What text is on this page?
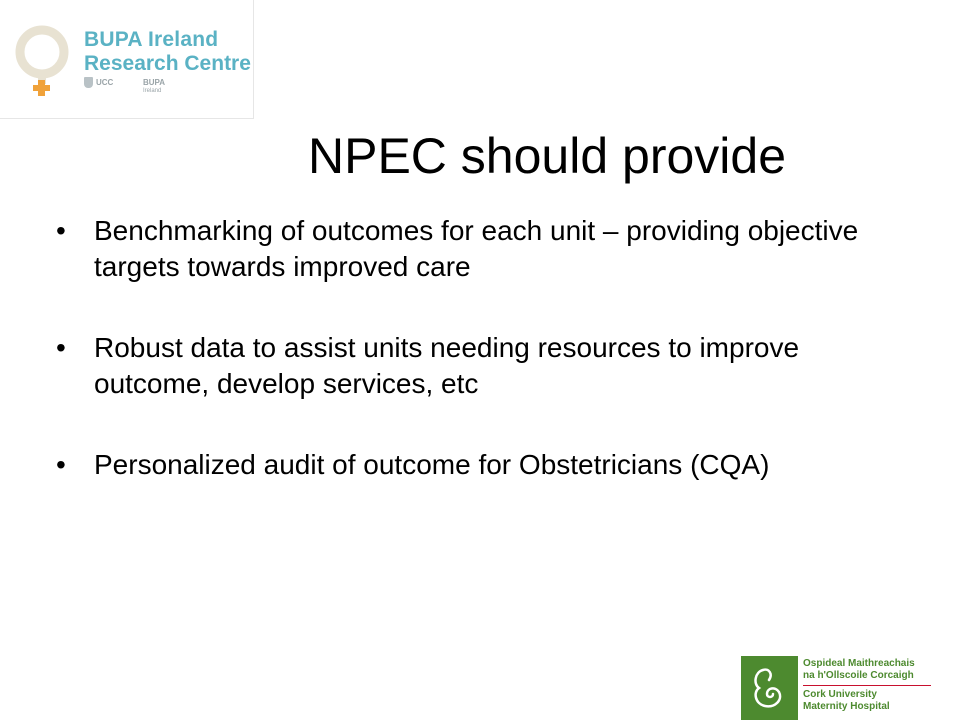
BUPA Ireland
Research Centre
UCC	BUPA
Ireland
NPEC should provide
•	Benchmarking of outcomes for each unit – providing objective targets towards improved care
•	Robust data to assist units needing resources to improve outcome, develop services, etc
•	Personalized audit of outcome for Obstetricians (CQA)
Ospideal Maithreachais
na h'Ollscoile Corcaigh
Cork University
Maternity Hospital
